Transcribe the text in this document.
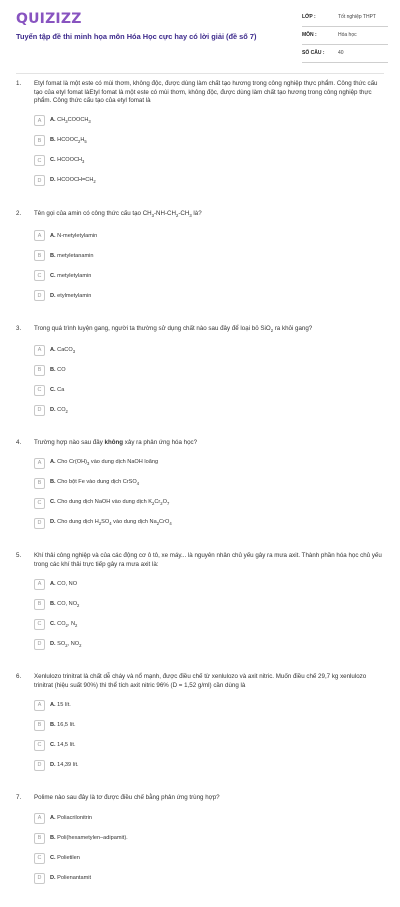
QUIZIZZ
Tuyển tập đề thi minh họa môn Hóa Học cực hay có lời giải (đề số 7)
LỚP :	Tốt nghiệp THPT
MÔN :	Hóa học
SỐ CÂU :	40
1. Etyl fomat là một este có mùi thơm, không độc, được dùng làm chất tạo hương trong công nghiệp thực phẩm. Công thức cấu tạo của etyl fomat làEtyl fomat là một este có mùi thơm, không độc, được dùng làm chất tạo hương trong công nghiệp thực phẩm. Công thức cấu tạo của etyl fomat là
A	A. $CH_3COOCH_3$
B	B. $HCOOC_2H_5$
C	C. $HCOOCH_3$
D	D. $HCOOCH=CH_2$
2. Tên gọi của amin có công thức cấu tạo $CH_3-NH-CH_2-CH_3$ là?
A	A. N-metyletylamin
B	B. metyletanamin
C	C. metyletylamin
D	D. etylmetylamin
3. Trong quá trình luyện gang, người ta thường sử dụng chất nào sau đây để loại bỏ SiO$_2$ ra khỏi gang?
A	A. CaCO$_3$
B	B. CO
C	C. Ca
D	D. $CO_2$
4. Trường hợp nào sau đây không xảy ra phản ứng hóa học?
A	A. Cho $Cr(OH)_3$ vào dung dịch NaOH loãng
B	B. Cho bột Fe vào dung dịch CrSO$_4$
C	C. Cho dung dịch NaOH vào dung dịch $K_2Cr_2O_7$
D	D. Cho dung dịch $H_2SO_4$ vào dung dịch $Na_2CrO_4$
5. Khí thải công nghiệp và của các động cơ ô tô, xe máy... là nguyên nhân chủ yếu gây ra mưa axit. Thành phần hóa học chủ yếu trong các khí thải trực tiếp gây ra mưa axit là:
A	A. CO, NO
B	B. CO, $NO_2$
C	C. $CO_2$, $N_2$
D	D. $SO_2$, $NO_2$
6. Xenlulozo trinitrat là chất dễ cháy và nổ mạnh, được điều chế từ xenlulozo và axit nitric. Muốn điều chế 29,7 kg xenlulozo trinitrat (hiệu suất 90%) thì thể tích axit nitric 96% (D = 1,52 g/ml) cần dùng là
A	A. 15 lít.
B	B. 16,5 lít.
C	C. 14,5 lít.
D	D. 14,39 lít.
7. Polime nào sau đây là tơ được điều chế bằng phản ứng trùng hợp?
A	A. Poliacrilonitrin
B	B. Poli(hexametylen–adipamit).
C	C. Polietilen
D	D. Polienantamit
